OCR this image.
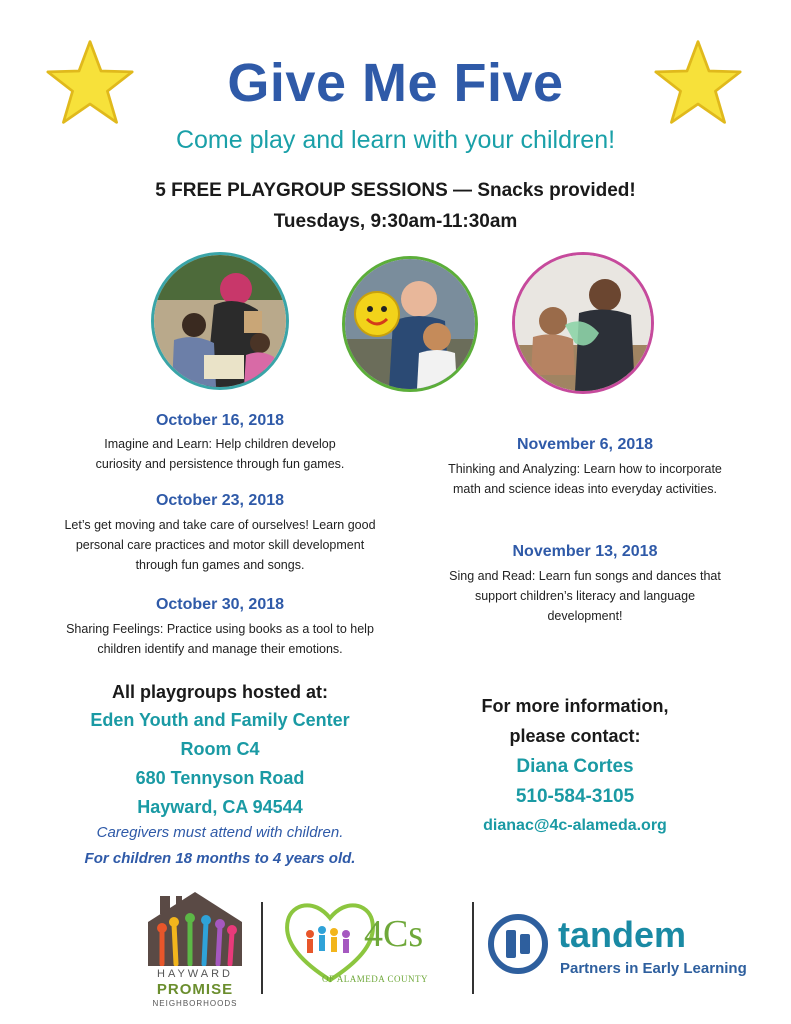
Give Me Five
Come play and learn with your children!
5 FREE PLAYGROUP SESSIONS — Snacks provided!
Tuesdays, 9:30am-11:30am
October 16, 2018
Imagine and Learn: Help children develop
curiosity and persistence through fun games.
October 23, 2018
Let’s get moving and take care of ourselves! Learn good
personal care practices and motor skill development
through fun games and songs.
October 30, 2018
Sharing Feelings: Practice using books as a tool to help
children identify and manage their emotions.
November 6, 2018
Thinking and Analyzing: Learn how to incorporate
math and science ideas into everyday activities.
November 13, 2018
Sing and Read: Learn fun songs and dances that
support children’s literacy and language
development!
All playgroups hosted at:
Eden Youth and Family Center
Room C4
680 Tennyson Road
Hayward, CA 94544
Caregivers must attend with children.
For children 18 months to 4 years old.
For more information,
please contact:
Diana Cortes
510-584-3105
dianac@4c-alameda.org
HAYWARD
PROMISE
NEIGHBORHOODS
4Cs
OF ALAMEDA COUNTY
tandem
Partners in Early Learning
